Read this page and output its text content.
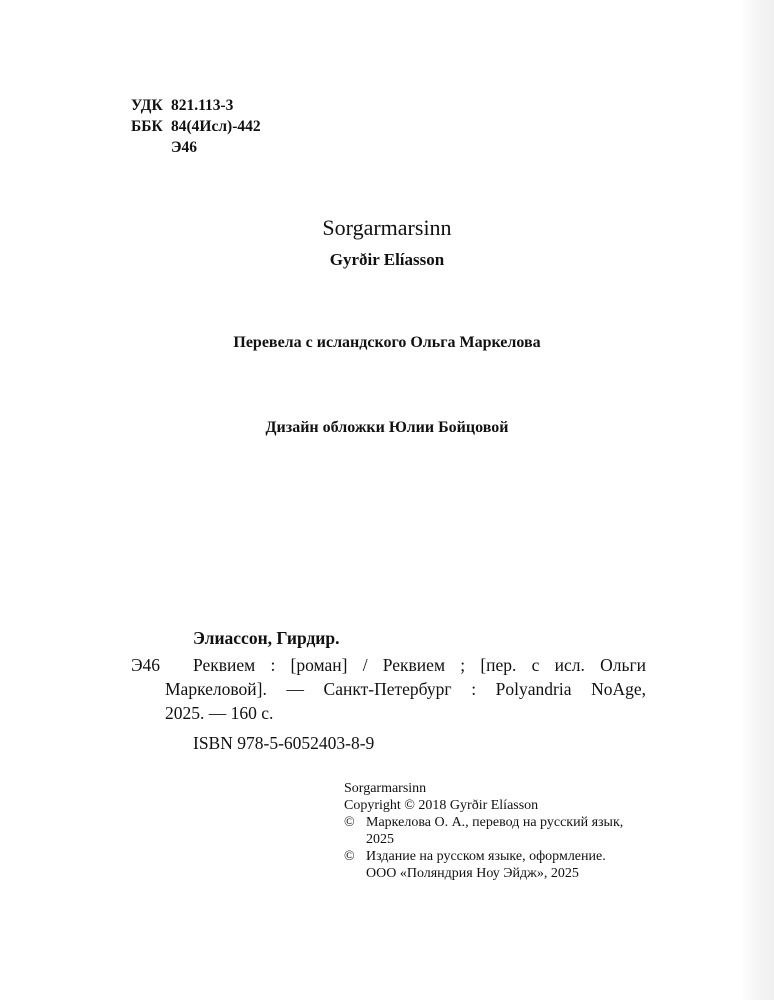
УДК 821.113-3
ББК 84(4Исл)-442
Э46
Sorgarmarsinn
Gyrðir Elíasson
Перевела с исландского Ольга Маркелова
Дизайн обложки Юлии Бойцовой
Элиассон, Гирдир.
Э46	Реквием : [роман] / Реквием ; [пер. с исл. Ольги
Маркеловой]. — Санкт-Петербург : Polyandria NoAge,
2025. — 160 с.
ISBN 978-5-6052403-8-9
Sorgarmarsinn
Copyright © 2018 Gyrðir Elíasson
© Маркелова О. А., перевод на русский язык,
2025
© Издание на русском языке, оформление.
ООО «Поляндрия Ноу Эйдж», 2025
